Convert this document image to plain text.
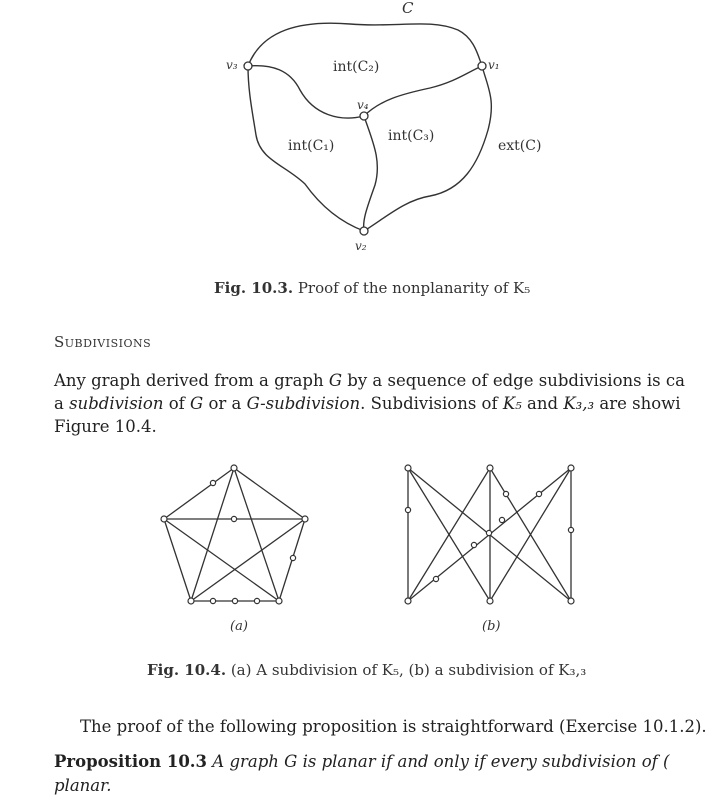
C
v₃	v₁
v₄
v₂
int(C₂)
int(C₁)
int(C₃)
ext(C)
Fig. 10.3. Proof of the nonplanarity of K₅
Subdivisions
Any graph derived from a graph G by a sequence of edge subdivisions is ca
a subdivision of G or a G-subdivision. Subdivisions of K₅ and K₃,₃ are showi
Figure 10.4.
(a)	(b)
Fig. 10.4. (a) A subdivision of K₅, (b) a subdivision of K₃,₃
The proof of the following proposition is straightforward (Exercise 10.1.2).
Proposition 10.3 A graph G is planar if and only if every subdivision of (
planar.
